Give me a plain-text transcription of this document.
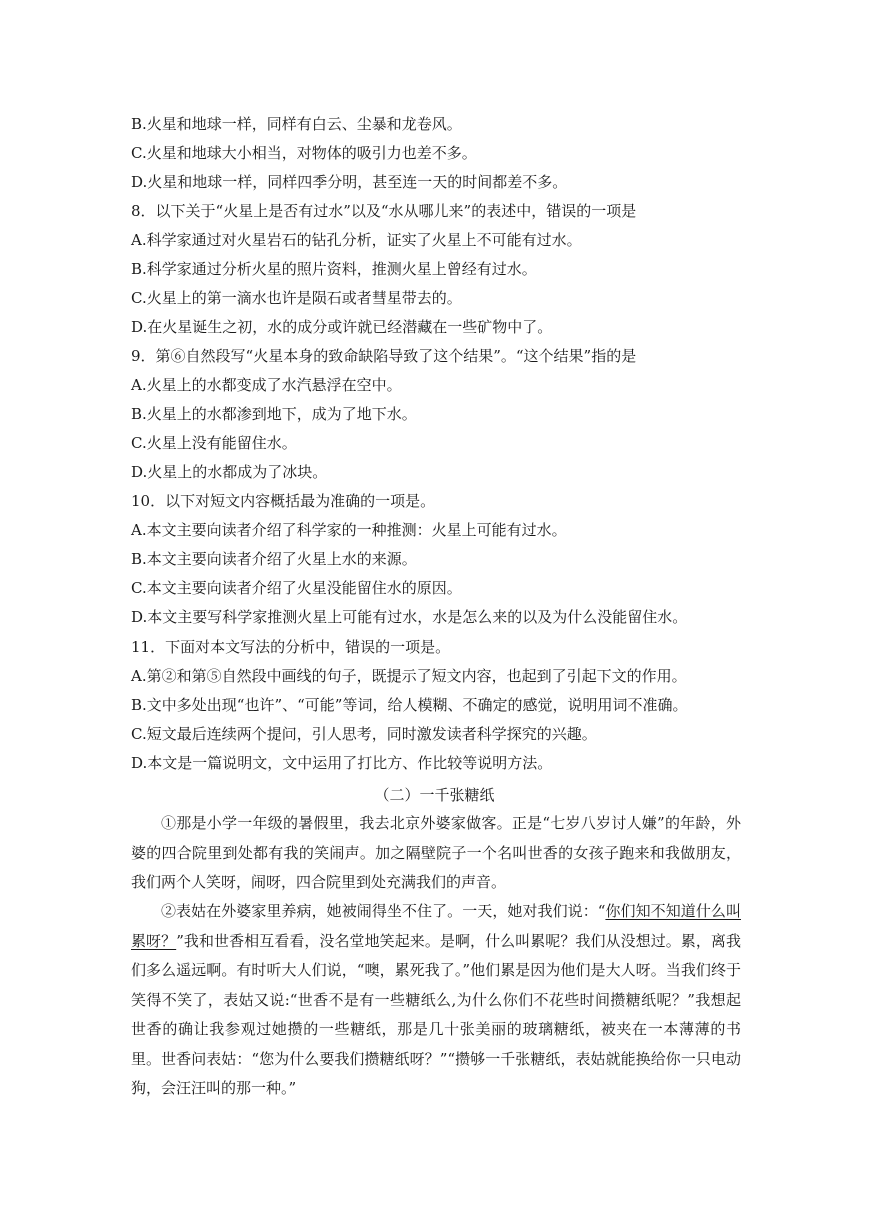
B.火星和地球一样，同样有白云、尘暴和龙卷风。
C.火星和地球大小相当，对物体的吸引力也差不多。
D.火星和地球一样，同样四季分明，甚至连一天的时间都差不多。
8．以下关于“火星上是否有过水”以及“水从哪儿来”的表述中，错误的一项是
A.科学家通过对火星岩石的钻孔分析，证实了火星上不可能有过水。
B.科学家通过分析火星的照片资料，推测火星上曾经有过水。
C.火星上的第一滴水也许是陨石或者彗星带去的。
D.在火星诞生之初，水的成分或许就已经潜藏在一些矿物中了。
9．第⑥自然段写“火星本身的致命缺陷导致了这个结果”。“这个结果”指的是
A.火星上的水都变成了水汽悬浮在空中。
B.火星上的水都渗到地下，成为了地下水。
C.火星上没有能留住水。
D.火星上的水都成为了冰块。
10．以下对短文内容概括最为准确的一项是。
A.本文主要向读者介绍了科学家的一种推测：火星上可能有过水。
B.本文主要向读者介绍了火星上水的来源。
C.本文主要向读者介绍了火星没能留住水的原因。
D.本文主要写科学家推测火星上可能有过水，水是怎么来的以及为什么没能留住水。
11．下面对本文写法的分析中，错误的一项是。
A.第②和第⑤自然段中画线的句子，既提示了短文内容，也起到了引起下文的作用。
B.文中多处出现“也许”、“可能”等词，给人模糊、不确定的感觉，说明用词不准确。
C.短文最后连续两个提问，引人思考，同时激发读者科学探究的兴趣。
D.本文是一篇说明文，文中运用了打比方、作比较等说明方法。
（二）一千张糖纸
①那是小学一年级的暑假里，我去北京外婆家做客。正是“七岁八岁讨人嫌”的年龄，外婆的四合院里到处都有我的笑闹声。加之隔壁院子一个名叫世香的女孩子跑来和我做朋友，我们两个人笑呀，闹呀，四合院里到处充满我们的声音。
②表姑在外婆家里养病，她被闹得坐不住了。一天，她对我们说：“你们知不知道什么叫累呀？”我和世香相互看看，没名堂地笑起来。是啊，什么叫累呢？我们从没想过。累，离我们多么遥远啊。有时听大人们说，“噢，累死我了。”他们累是因为他们是大人呀。当我们终于笑得不笑了，表姑又说:“世香不是有一些糖纸么,为什么你们不花些时间攒糖纸呢？”我想起世香的确让我参观过她攒的一些糖纸，那是几十张美丽的玻璃糖纸，被夹在一本薄薄的书里。世香问表姑：“您为什么要我们攒糖纸呀？”“攒够一千张糖纸，表姑就能换给你一只电动狗，会汪汪叫的那一种。”
